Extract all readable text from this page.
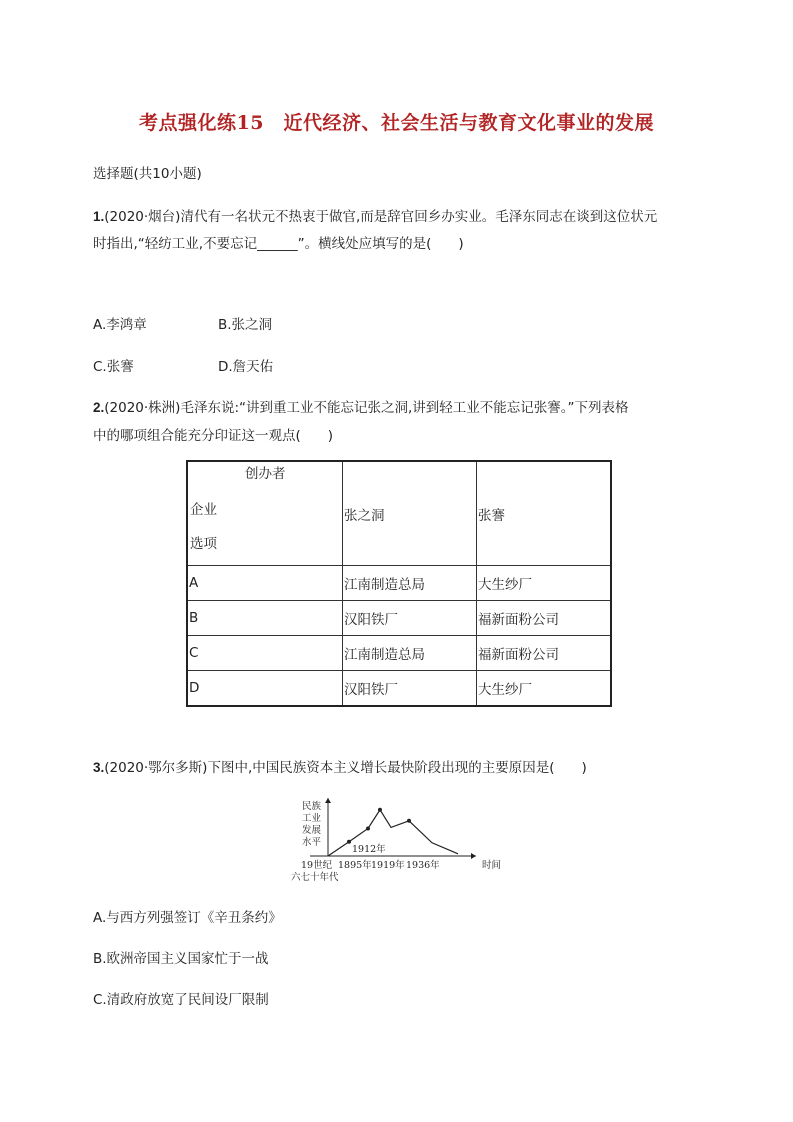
考点强化练15　近代经济、社会生活与教育文化事业的发展
选择题(共10小题)
1.(2020·烟台)清代有一名状元不热衷于做官,而是辞官回乡办实业。毛泽东同志在谈到这位状元
时指出,“轻纺工业,不要忘记______”。横线处应填写的是(　　)
A.李鸿章	B.张之洞
C.张謇	D.詹天佑
2.(2020·株洲)毛泽东说:“讲到重工业不能忘记张之洞,讲到轻工业不能忘记张謇。”下列表格
中的哪项组合能充分印证这一观点(　　)
创办者
企业
选项	张之洞	张謇
A	江南制造总局	大生纱厂
B	汉阳铁厂	福新面粉公司
C	江南制造总局	福新面粉公司
D	汉阳铁厂	大生纱厂
3.(2020·鄂尔多斯)下图中,中国民族资本主义增长最快阶段出现的主要原因是(　　)
民族
工业
发展
水平
1912年
19世纪
六七十年代
1895年 1919年 1936年	时间
A.与西方列强签订《辛丑条约》
B.欧洲帝国主义国家忙于一战
C.清政府放宽了民间设厂限制
